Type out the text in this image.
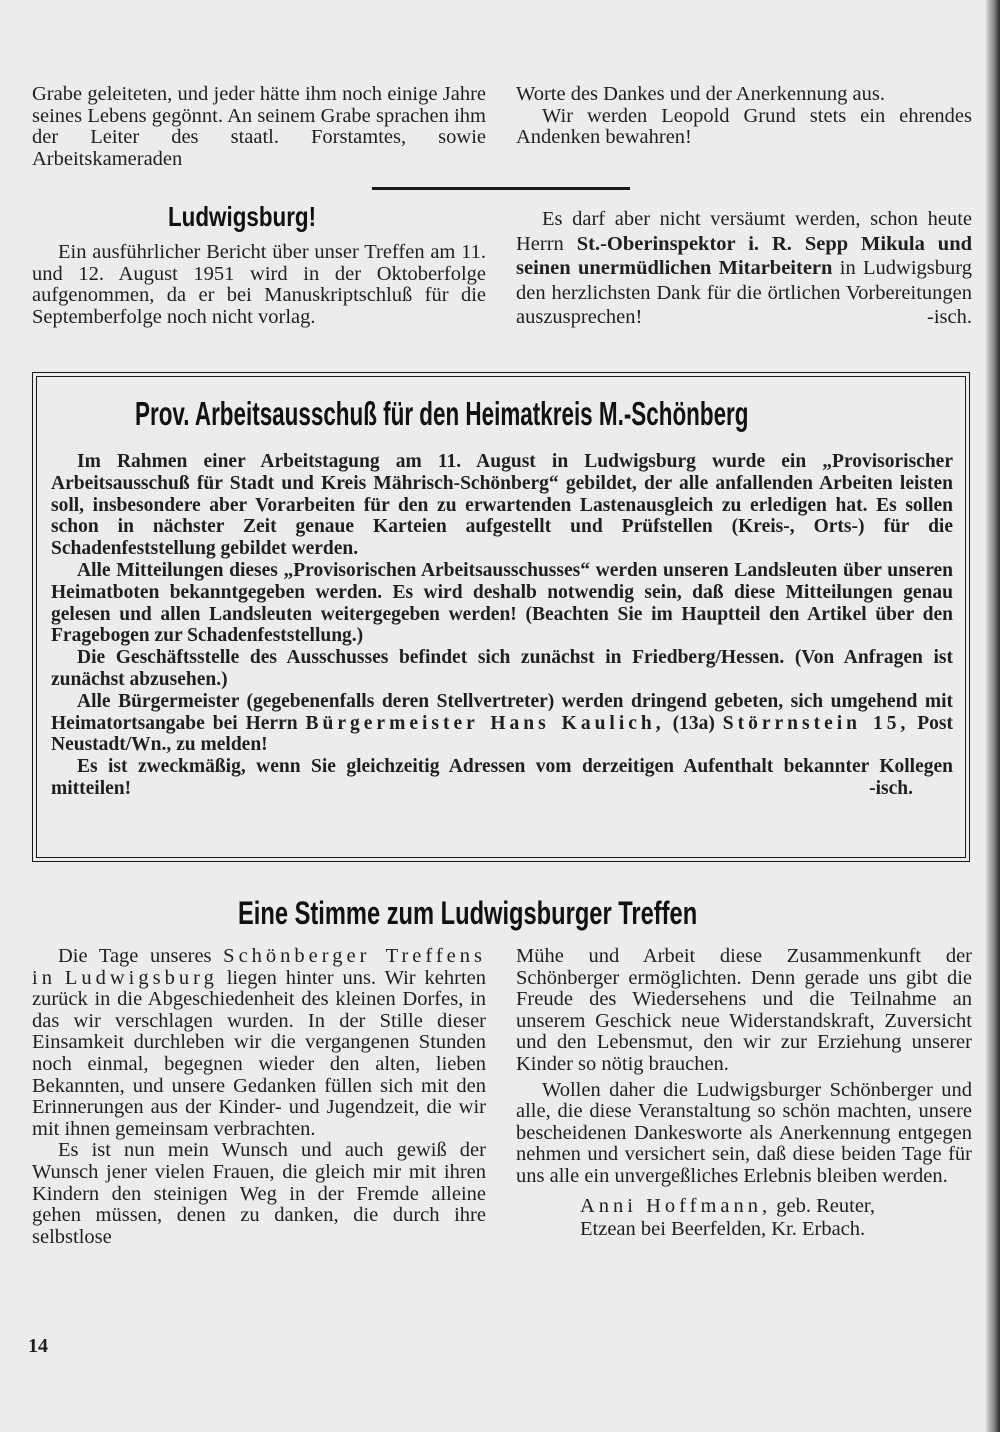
Grabe geleiteten, und jeder hätte ihm noch einige Jahre seines Lebens gegönnt. An seinem Grabe sprachen ihm der Leiter des staatl. Forstamtes, sowie Arbeitskameraden

Worte des Dankes und der Anerkennung aus.

Wir werden Leopold Grund stets ein ehrendes Andenken bewahren!

Ludwigsburg!

Ein ausführlicher Bericht über unser Treffen am 11. und 12. August 1951 wird in der Oktoberfolge aufgenommen, da er bei Manuskriptschluß für die Septemberfolge noch nicht vorlag.

Es darf aber nicht versäumt werden, schon heute Herrn St.-Oberinspektor i. R. Sepp Mikula und seinen unermüdlichen Mitarbeitern in Ludwigsburg den herzlichsten Dank für die örtlichen Vorbereitungen auszusprechen!	-isch.

Prov. Arbeitsausschuß für den Heimatkreis M.-Schönberg

Im Rahmen einer Arbeitstagung am 11. August in Ludwigsburg wurde ein „Provisorischer Arbeitsausschuß für Stadt und Kreis Mährisch-Schönberg“ gebildet, der alle anfallenden Arbeiten leisten soll, insbesondere aber Vorarbeiten für den zu erwartenden Lastenausgleich zu erledigen hat. Es sollen schon in nächster Zeit genaue Karteien aufgestellt und Prüfstellen (Kreis-, Orts-) für die Schadenfeststellung gebildet werden.

Alle Mitteilungen dieses „Provisorischen Arbeitsausschusses“ werden unseren Landsleuten über unseren Heimatboten bekanntgegeben werden. Es wird deshalb notwendig sein, daß diese Mitteilungen genau gelesen und allen Landsleuten weitergegeben werden! (Beachten Sie im Hauptteil den Artikel über den Fragebogen zur Schadenfeststellung.)

Die Geschäftsstelle des Ausschusses befindet sich zunächst in Friedberg/Hessen. (Von Anfragen ist zunächst abzusehen.)

Alle Bürgermeister (gegebenenfalls deren Stellvertreter) werden dringend gebeten, sich umgehend mit Heimatortsangabe bei Herrn Bürgermeister Hans Kaulich, (13a) Störrnstein 15, Post Neustadt/Wn., zu melden!

Es ist zweckmäßig, wenn Sie gleichzeitig Adressen vom derzeitigen Aufenthalt bekannter Kollegen mitteilen!	-isch.

Eine Stimme zum Ludwigsburger Treffen

Die Tage unseres Schönberger Treffens in Ludwigsburg liegen hinter uns. Wir kehrten zurück in die Abgeschiedenheit des kleinen Dorfes, in das wir verschlagen wurden. In der Stille dieser Einsamkeit durchleben wir die vergangenen Stunden noch einmal, begegnen wieder den alten, lieben Bekannten, und unsere Gedanken füllen sich mit den Erinnerungen aus der Kinder- und Jugendzeit, die wir mit ihnen gemeinsam verbrachten.

Es ist nun mein Wunsch und auch gewiß der Wunsch jener vielen Frauen, die gleich mir mit ihren Kindern den steinigen Weg in der Fremde alleine gehen müssen, denen zu danken, die durch ihre selbstlose

Mühe und Arbeit diese Zusammenkunft der Schönberger ermöglichten. Denn gerade uns gibt die Freude des Wiedersehens und die Teilnahme an unserem Geschick neue Widerstandskraft, Zuversicht und den Lebensmut, den wir zur Erziehung unserer Kinder so nötig brauchen.

Wollen daher die Ludwigsburger Schönberger und alle, die diese Veranstaltung so schön machten, unsere bescheidenen Dankesworte als Anerkennung entgegen nehmen und versichert sein, daß diese beiden Tage für uns alle ein unvergeßliches Erlebnis bleiben werden.

Anni Hoffmann, geb. Reuter,

Etzean bei Beerfelden, Kr. Erbach.

14
